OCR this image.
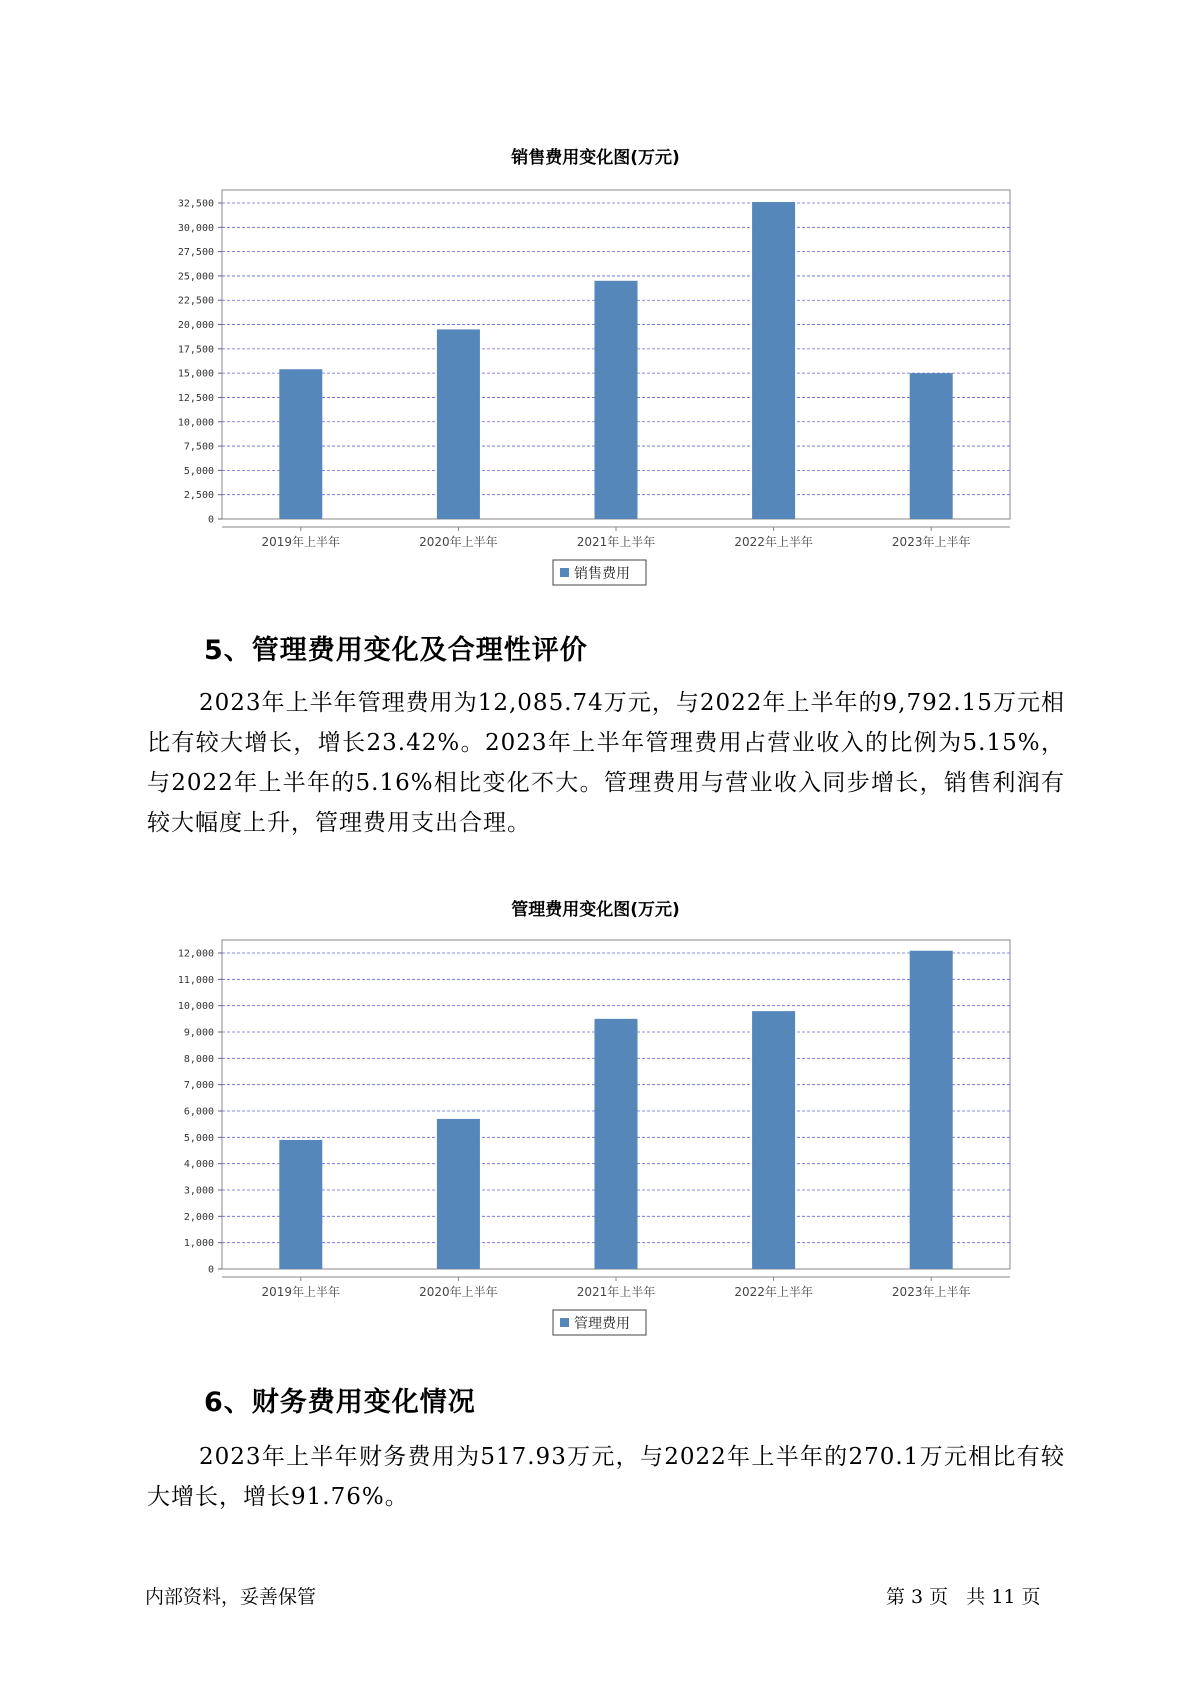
销售费用变化图(万元)
0
2,500
5,000
7,500
10,000
12,500
15,000
17,500
20,000
22,500
25,000
27,500
30,000
32,500
2019年上半年	2020年上半年	2021年上半年	2022年上半年	2023年上半年
销售费用
5、管理费用变化及合理性评价
2023年上半年管理费用为12,085.74万元，与2022年上半年的9,792.15万元相比有较大增长，增长23.42%。2023年上半年管理费用占营业收入的比例为5.15%，与2022年上半年的5.16%相比变化不大。管理费用与营业收入同步增长，销售利润有较大幅度上升，管理费用支出合理。
管理费用变化图(万元)
0
1,000
2,000
3,000
4,000
5,000
6,000
7,000
8,000
9,000
10,000
11,000
12,000
2019年上半年	2020年上半年	2021年上半年	2022年上半年	2023年上半年
管理费用
6、财务费用变化情况
2023年上半年财务费用为517.93万元，与2022年上半年的270.1万元相比有较大增长，增长91.76%。
内部资料，妥善保管	第 3 页   共 11 页
